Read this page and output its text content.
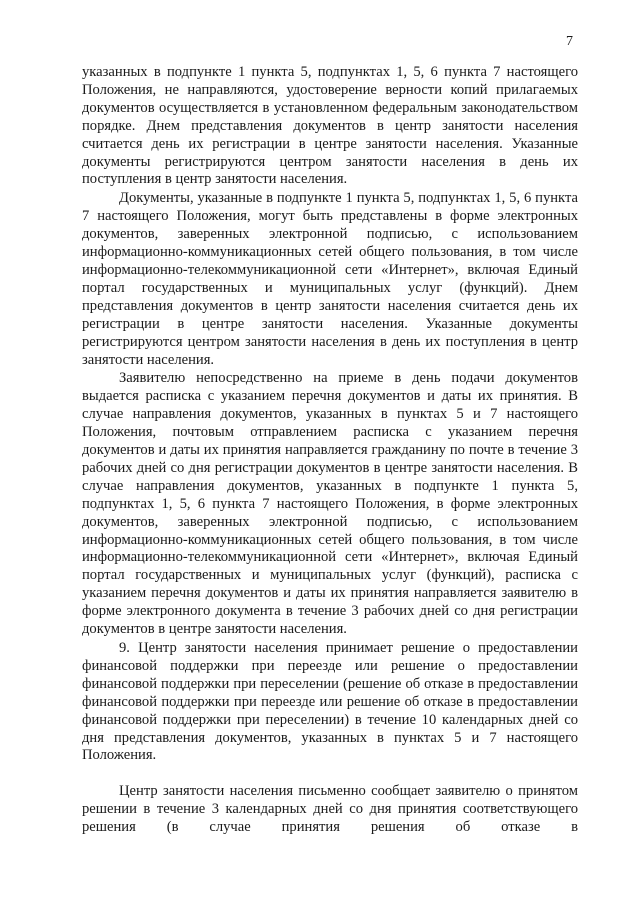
7

указанных в подпункте 1 пункта 5, подпунктах 1, 5, 6 пункта 7 настоящего Положения, не направляются, удостоверение верности копий прилагаемых документов осуществляется в установленном федеральным законодательством порядке. Днем представления документов в центр занятости населения считается день их регистрации в центре занятости населения. Указанные документы регистрируются центром занятости населения в день их поступления в центр занятости населения.

Документы, указанные в подпункте 1 пункта 5, подпунктах 1, 5, 6 пункта 7 настоящего Положения, могут быть представлены в форме электронных документов, заверенных электронной подписью, с использованием информационно-коммуникационных сетей общего пользования, в том числе информационно-телекоммуникационной сети «Интернет», включая Единый портал государственных и муниципальных услуг (функций). Днем представления документов в центр занятости населения считается день их регистрации в центре занятости населения. Указанные документы регистрируются центром занятости населения в день их поступления в центр занятости населения.

Заявителю непосредственно на приеме в день подачи документов выдается расписка с указанием перечня документов и даты их принятия. В случае направления документов, указанных в пунктах 5 и 7 настоящего Положения, почтовым отправлением расписка с указанием перечня документов и даты их принятия направляется гражданину по почте в течение 3 рабочих дней со дня регистрации документов в центре занятости населения. В случае направления документов, указанных в подпункте 1 пункта 5, подпунктах 1, 5, 6 пункта 7 настоящего Положения, в форме электронных документов, заверенных электронной подписью, с использованием информационно-коммуникационных сетей общего пользования, в том числе информационно-телекоммуникационной сети «Интернет», включая Единый портал государственных и муниципальных услуг (функций), расписка с указанием перечня документов и даты их принятия направляется заявителю в форме электронного документа в течение 3 рабочих дней со дня регистрации документов в центре занятости населения.

9. Центр занятости населения принимает решение о предоставлении финансовой поддержки при переезде или решение о предоставлении финансовой поддержки при переселении (решение об отказе в предоставлении финансовой поддержки при переезде или решение об отказе в предоставлении финансовой поддержки при переселении) в течение 10 календарных дней со дня представления документов, указанных в пунктах 5 и 7 настоящего Положения.

Центр занятости населения письменно сообщает заявителю о принятом решении в течение 3 календарных дней со дня принятия соответствующего решения (в случае принятия решения об отказе в
